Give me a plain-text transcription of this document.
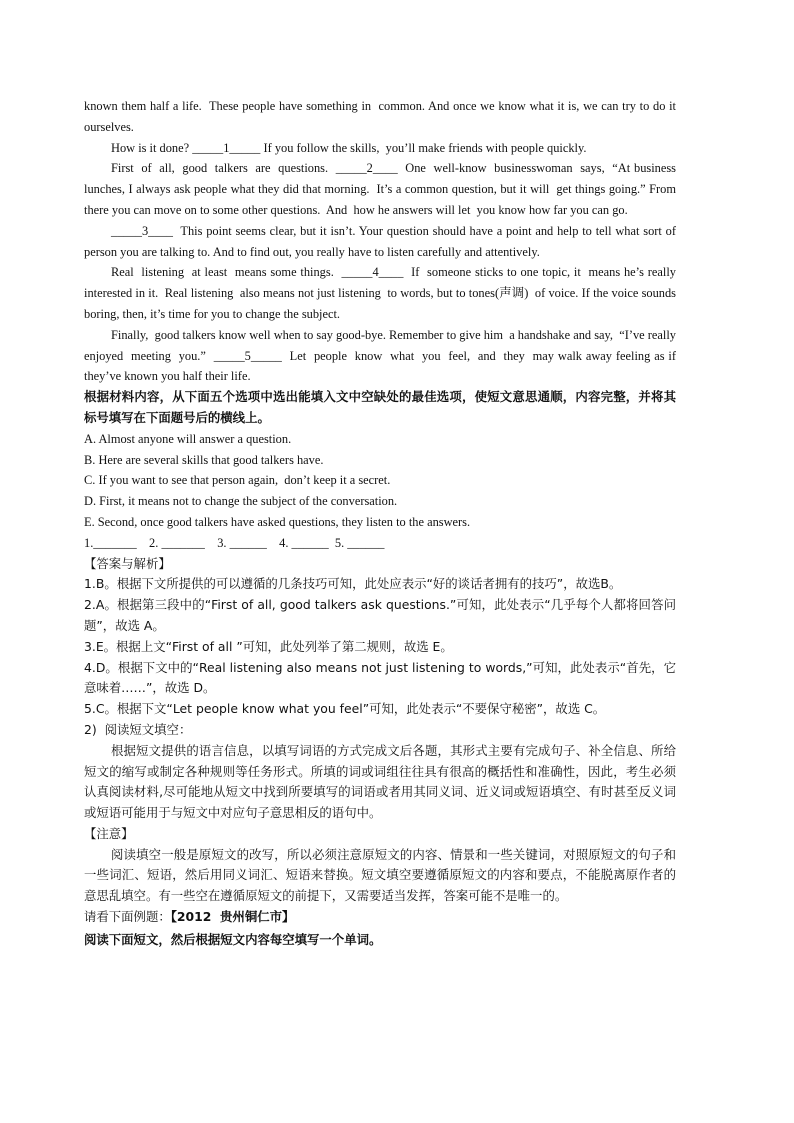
known them half a life.  These people have something in  common. And once we know what it is, we can try to do it ourselves.

How is it done? _____1_____ If you follow the skills,  you’ll make friends with people quickly.

First  of  all,  good  talkers  are  questions.  _____2____  One  well-know  businesswoman  says,  “At business lunches, I always ask people what they did that morning.  It’s a common question, but it will  get things going.” From there you can move on to some other questions.  And  how he answers will let  you know how far you can go.

_____3____  This point seems clear, but it isn’t. Your question should have a point and help to tell what sort of person you are talking to. And to find out, you really have to listen carefully and attentively.

Real  listening  at least  means some things.  _____4____  If  someone sticks to one topic, it  means he’s really  interested in it.  Real listening  also means not just listening  to words, but to tones(声调)  of voice. If the voice sounds boring, then, it’s time for you to change the subject.

Finally,  good talkers know well when to say good-bye. Remember to give him  a handshake and say,  “I’ve really  enjoyed  meeting  you.”  _____5_____  Let  people  know  what  you  feel,  and  they  may walk away feeling as if they’ve known you half their life.

根据材料内容，从下面五个选项中选出能填入文中空缺处的最佳选项，使短文意思通顺，内容完整，并将其标号填写在下面题号后的横线上。

A. Almost anyone will answer a question.

B. Here are several skills that good talkers have.

C. If you want to see that person again,  don’t keep it a secret.

D. First, it means not to change the subject of the conversation.

E. Second, once good talkers have asked questions, they listen to the answers.

1._______    2. _______    3. ______    4. ______  5. ______

【答案与解析】

1.B。根据下文所提供的可以遵循的几条技巧可知，此处应表示“好的谈话者拥有的技巧”，故选B。

2.A。根据第三段中的“First of all, good talkers ask questions.”可知，此处表示“几乎每个人都将回答问题”，故选 A。

3.E。根据上文“First of all ”可知，此处列举了第二规则，故选 E。

4.D。根据下文中的“Real listening also means not just listening to words,”可知，此处表示“首先，它意味着……”，故选 D。

5.C。根据下文“Let people know what you feel”可知，此处表示“不要保守秘密”，故选 C。

2)  阅读短文填空：

根据短文提供的语言信息，以填写词语的方式完成文后各题，其形式主要有完成句子、补全信息、所给短文的缩写或制定各种规则等任务形式。所填的词或词组往往具有很高的概括性和准确性，因此，考生必须认真阅读材料,尽可能地从短文中找到所要填写的词语或者用其同义词、近义词或短语填空、有时甚至反义词或短语可能用于与短文中对应句子意思相反的语句中。

【注意】

阅读填空一般是原短文的改写，所以必须注意原短文的内容、情景和一些关键词，对照原短文的句子和一些词汇、短语，然后用同义词汇、短语来替换。短文填空要遵循原短文的内容和要点，不能脱离原作者的意思乱填空。有一些空在遵循原短文的前提下，又需要适当发挥，答案可能不是唯一的。

请看下面例题：【2012  贵州铜仁市】

阅读下面短文，然后根据短文内容每空填写一个单词。
